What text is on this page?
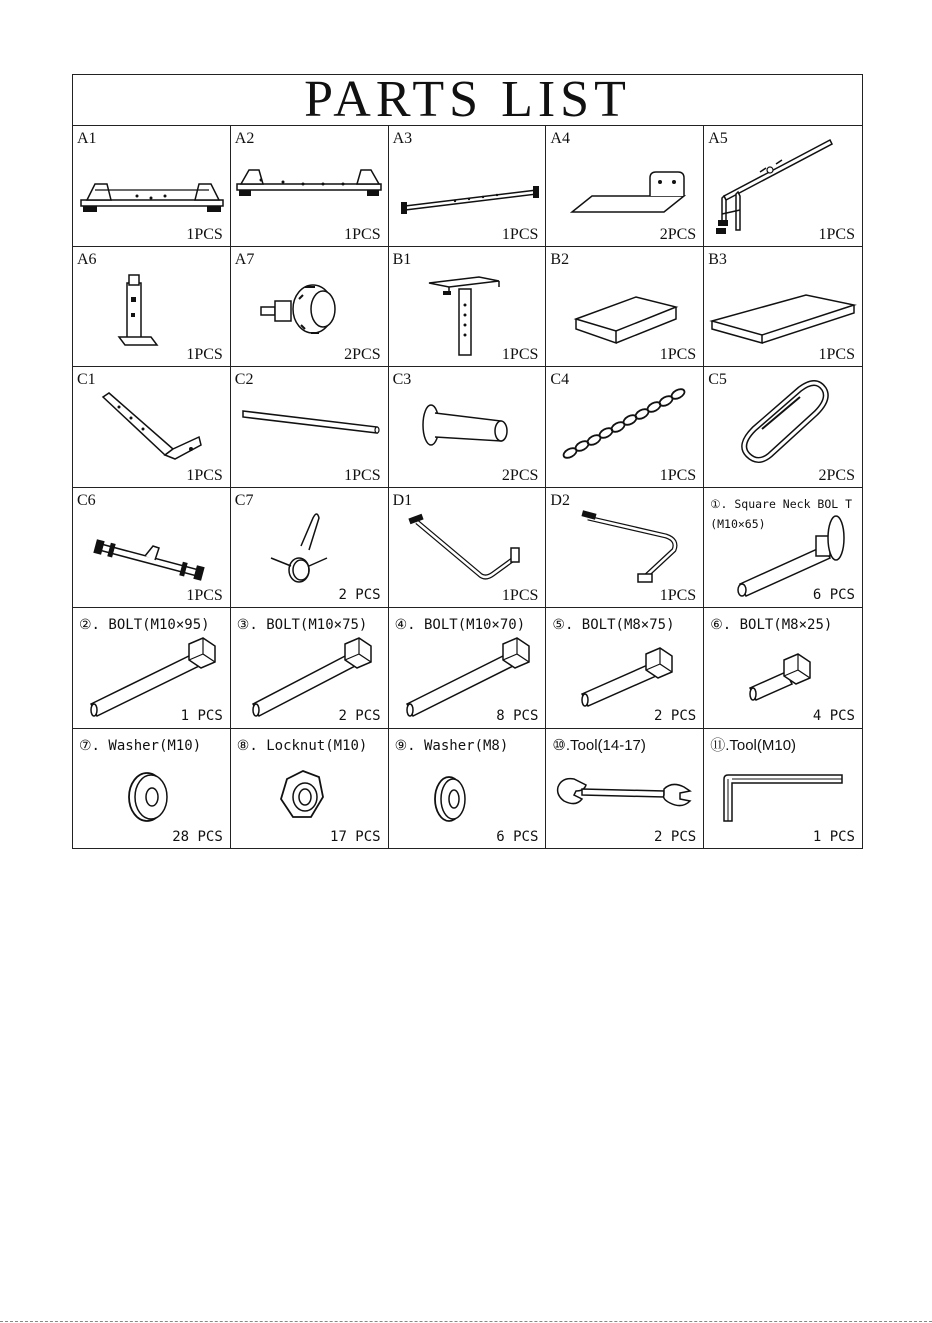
PARTS LIST
A1
1PCS
A2
1PCS
A3
1PCS
A4
2PCS
A5
1PCS
A6
1PCS
A7
2PCS
B1
1PCS
B2
1PCS
B3
1PCS
C1
1PCS
C2
1PCS
C3
2PCS
C4
1PCS
C5
2PCS
C6
1PCS
C7
2 PCS
D1
1PCS
D2
1PCS
①. Square Neck BOL T (M10×65)
6 PCS
②. BOLT(M10×95)
1 PCS
③. BOLT(M10×75)
2 PCS
④. BOLT(M10×70)
8 PCS
⑤. BOLT(M8×75)
2 PCS
⑥. BOLT(M8×25)
4 PCS
⑦. Washer(M10)
28 PCS
⑧. Locknut(M10)
17 PCS
⑨. Washer(M8)
6 PCS
⑩.Tool(14-17)
2 PCS
⑪.Tool(M10)
1 PCS
